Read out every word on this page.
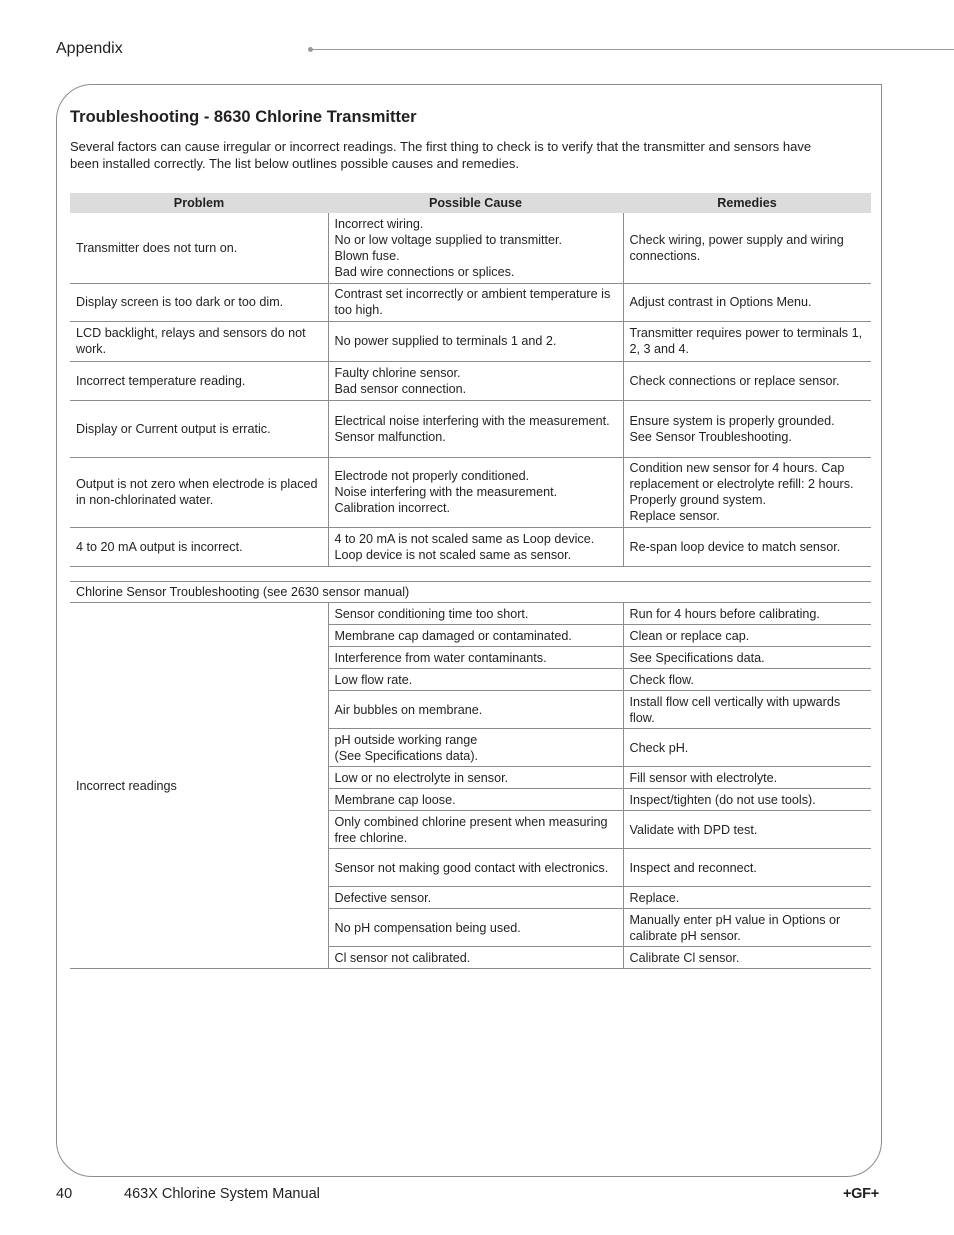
Appendix
Troubleshooting - 8630 Chlorine Transmitter
Several factors can cause irregular or incorrect readings. The first thing to check is to verify that the transmitter and sensors have been installed correctly. The list below outlines possible causes and remedies.
Problem	Possible Cause	Remedies

Transmitter does not turn on.	Incorrect wiring.
No or low voltage supplied to transmitter.
Blown fuse.
Bad wire connections or splices.	Check wiring, power supply and wiring connections.

Display screen is too dark or too dim.	Contrast set incorrectly or ambient temperature is too high.	Adjust contrast in Options Menu.

LCD backlight, relays and sensors do not work.	No power supplied to terminals 1 and 2.	Transmitter requires power to terminals 1, 2, 3 and 4.

Incorrect temperature reading.	Faulty chlorine sensor.
Bad sensor connection.	Check connections or replace sensor.

Display or Current output is erratic.	Electrical noise interfering with the measurement.
Sensor malfunction.	Ensure system is properly grounded.
See Sensor Troubleshooting.

Output is not zero when electrode is placed in non-chlorinated water.	Electrode not properly conditioned.
Noise interfering with the measurement.
Calibration incorrect.	Condition new sensor for 4 hours. Cap replacement or electrolyte refill: 2 hours.
Properly ground system.
Replace sensor.

4 to 20 mA output is incorrect.	4 to 20 mA is not scaled same as Loop device.
Loop device is not scaled same as sensor.	Re-span loop device to match sensor.
Chlorine Sensor Troubleshooting (see 2630 sensor manual)		
Incorrect readings	Sensor conditioning time too short.	Run for 4 hours before calibrating.

	Membrane cap damaged or contaminated.	Clean or replace cap.

	Interference from water contaminants.	See Specifications data.

	Low flow rate.	Check flow.

	Air bubbles on membrane.	Install flow cell vertically with upwards flow.

	pH outside working range
(See Specifications data).	Check pH.

	Low or no electrolyte in sensor.	Fill sensor with electrolyte.

	Membrane cap loose.	Inspect/tighten (do not use tools).

	Only combined chlorine present when measuring free chlorine.	Validate with DPD test.

	Sensor not making good contact with electronics.	Inspect and reconnect.

	Defective sensor.	Replace.

	No pH compensation being used.	Manually enter pH value in Options or calibrate pH sensor.

	Cl sensor not calibrated.	Calibrate Cl sensor.
40	463X Chlorine System Manual	+GF+
